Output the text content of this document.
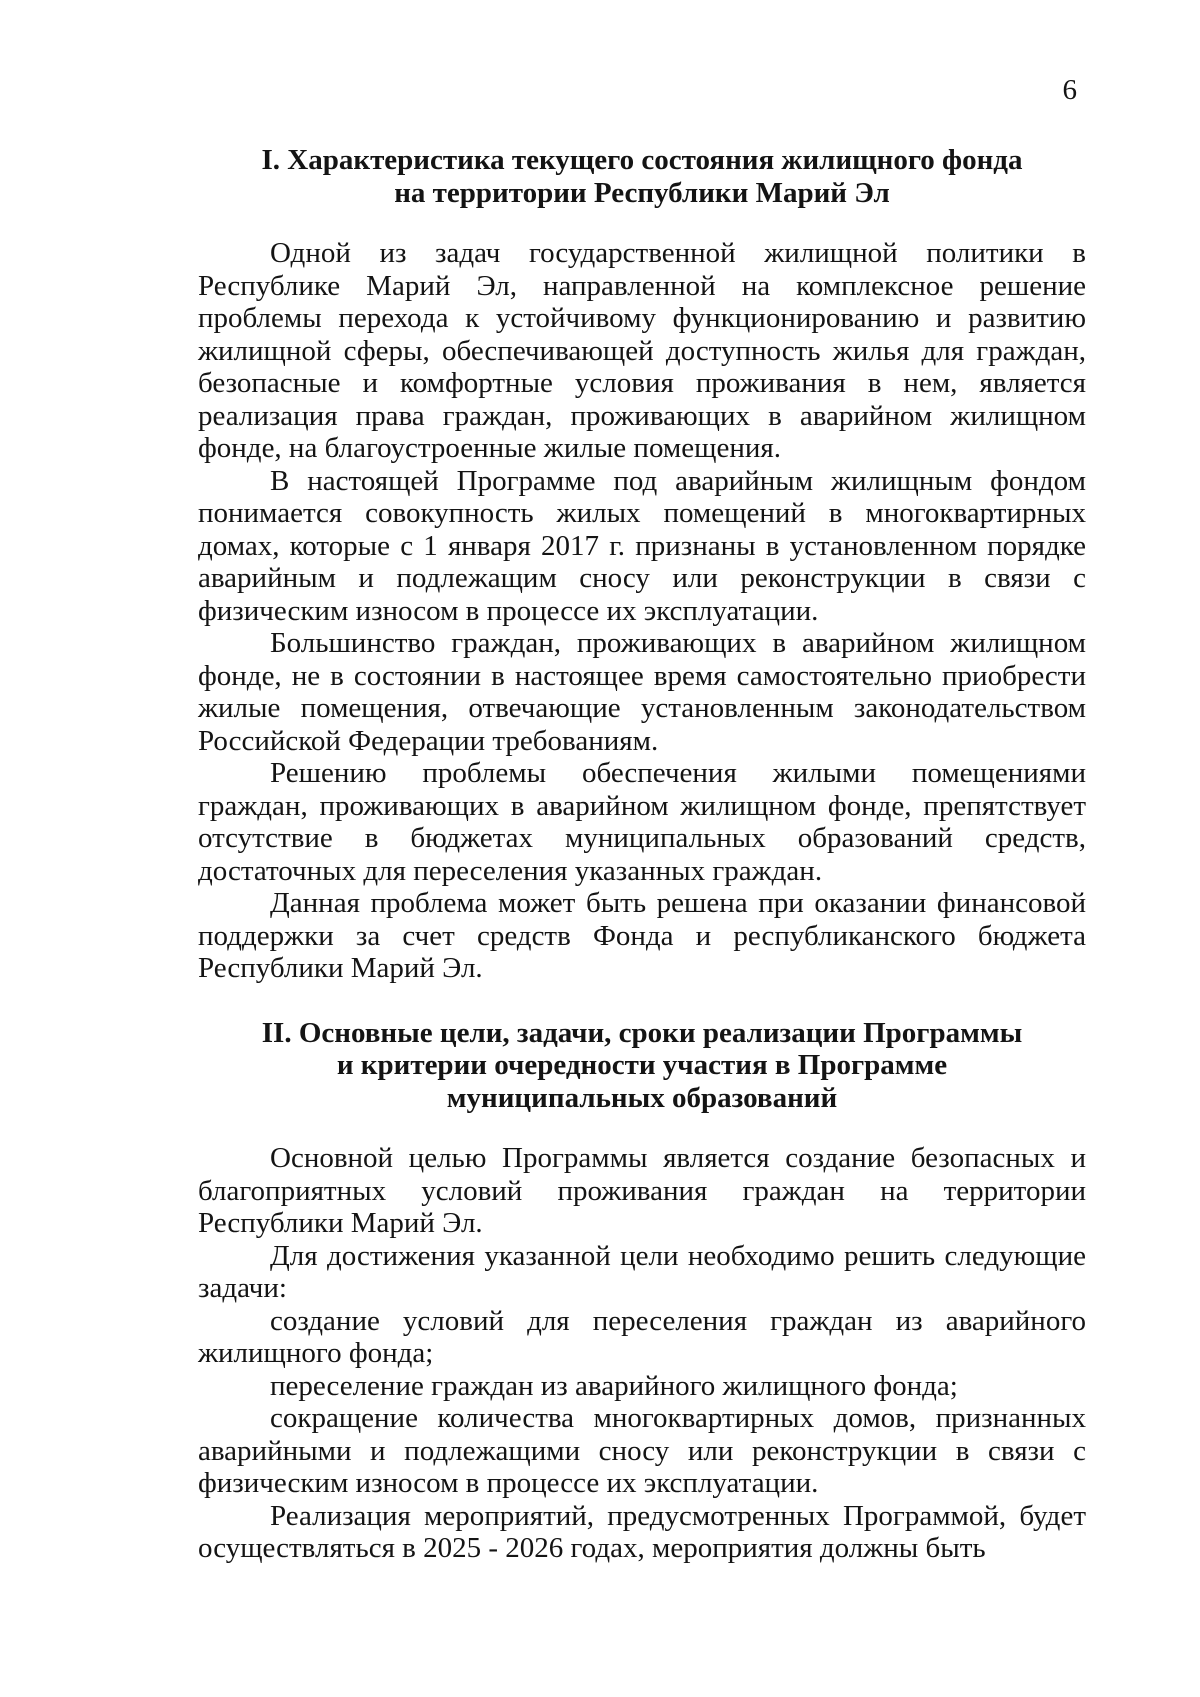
6
I. Характеристика текущего состояния жилищного фонда
на территории Республики Марий Эл

Одной из задач государственной жилищной политики в Республике Марий Эл, направленной на комплексное решение проблемы перехода к устойчивому функционированию и развитию жилищной сферы, обеспечивающей доступность жилья для граждан, безопасные и комфортные условия проживания в нем, является реализация права граждан, проживающих в аварийном жилищном фонде, на благоустроенные жилые помещения.

В настоящей Программе под аварийным жилищным фондом понимается совокупность жилых помещений в многоквартирных домах, которые с 1 января 2017 г. признаны в установленном порядке аварийным и подлежащим сносу или реконструкции в связи с физическим износом в процессе их эксплуатации.

Большинство граждан, проживающих в аварийном жилищном фонде, не в состоянии в настоящее время самостоятельно приобрести жилые помещения, отвечающие установленным законодательством Российской Федерации требованиям.

Решению проблемы обеспечения жилыми помещениями граждан, проживающих в аварийном жилищном фонде, препятствует отсутствие в бюджетах муниципальных образований средств, достаточных для переселения указанных граждан.

Данная проблема может быть решена при оказании финансовой поддержки за счет средств Фонда и республиканского бюджета Республики Марий Эл.

II. Основные цели, задачи, сроки реализации Программы
и критерии очередности участия в Программе
муниципальных образований

Основной целью Программы является создание безопасных и благоприятных условий проживания граждан на территории Республики Марий Эл.

Для достижения указанной цели необходимо решить следующие задачи:

создание условий для переселения граждан из аварийного жилищного фонда;

переселение граждан из аварийного жилищного фонда;

сокращение количества многоквартирных домов, признанных аварийными и подлежащими сносу или реконструкции в связи с физическим износом в процессе их эксплуатации.

Реализация мероприятий, предусмотренных Программой, будет осуществляться в 2025 - 2026 годах, мероприятия должны быть
